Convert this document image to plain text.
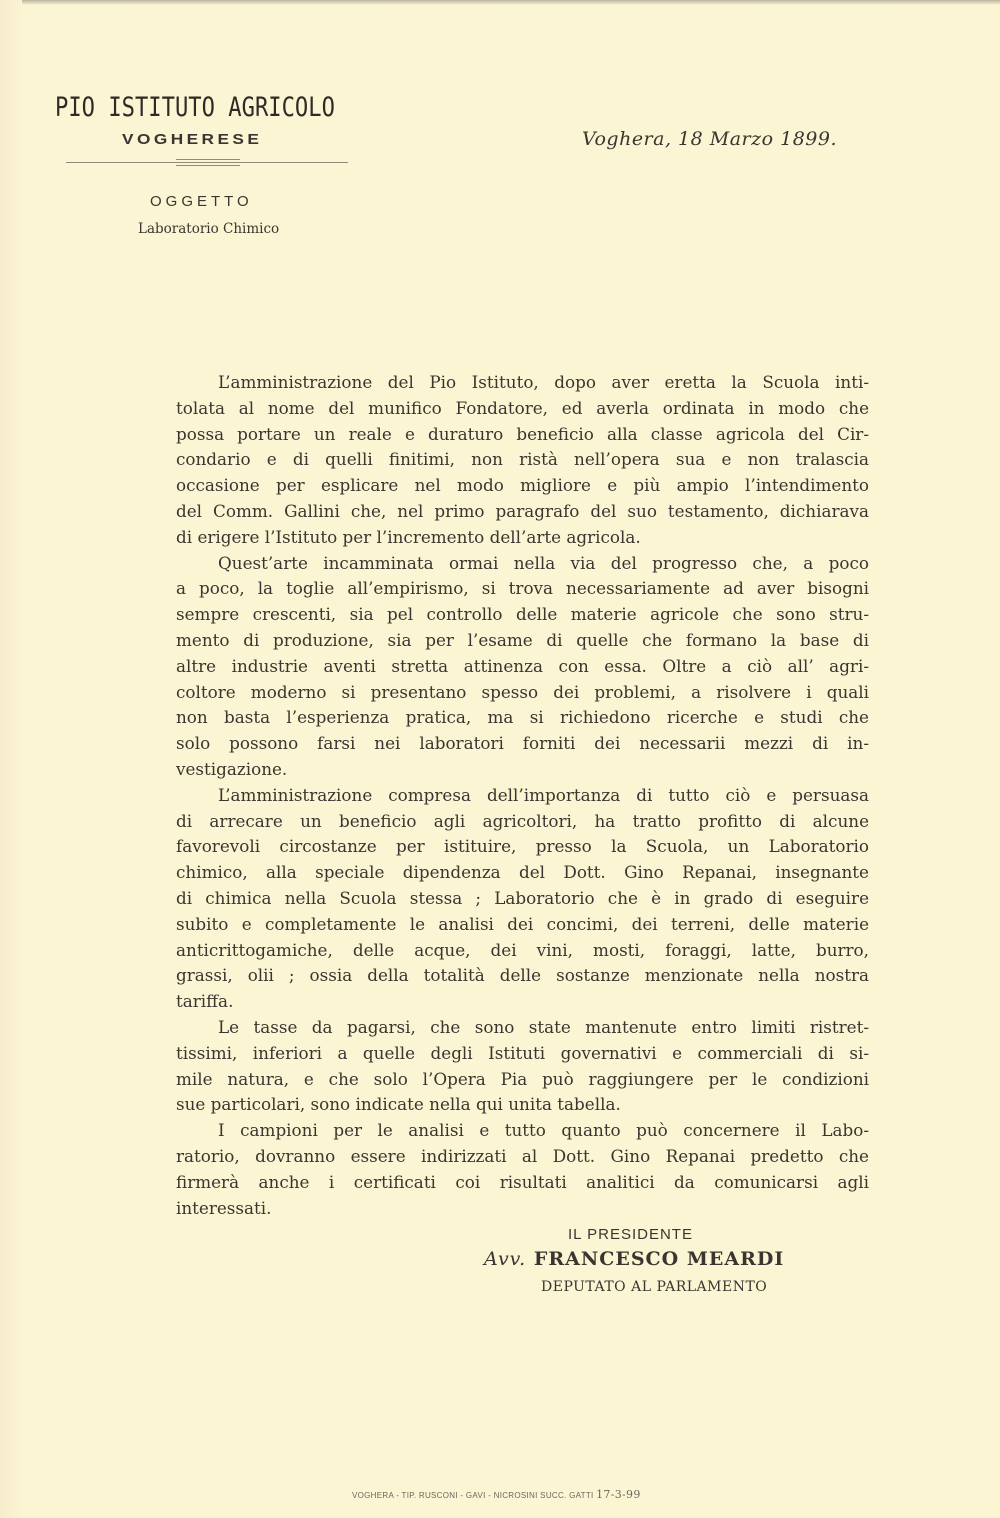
PIO ISTITUTO AGRICOLO
VOGHERESE	Voghera, 18 Marzo 1899.
OGGETTO
Laboratorio Chimico
L’amministrazione del Pio Istituto, dopo aver eretta la Scuola inti-
tolata al nome del munifico Fondatore, ed averla ordinata in modo che
possa portare un reale e duraturo beneficio alla classe agricola del Cir-
condario e di quelli finitimi, non ristà nell’opera sua e non tralascia
occasione per esplicare nel modo migliore e più ampio l’intendimento
del Comm. Gallini che, nel primo paragrafo del suo testamento, dichiarava
di erigere l’Istituto per l’incremento dell’arte agricola.
Quest’arte incamminata ormai nella via del progresso che, a poco
a poco, la toglie all’empirismo, si trova necessariamente ad aver bisogni
sempre crescenti, sia pel controllo delle materie agricole che sono stru-
mento di produzione, sia per l’esame di quelle che formano la base di
altre industrie aventi stretta attinenza con essa. Oltre a ciò all’ agri-
coltore moderno si presentano spesso dei problemi, a risolvere i quali
non basta l’esperienza pratica, ma si richiedono ricerche e studi che
solo possono farsi nei laboratori forniti dei necessarii mezzi di in-
vestigazione.
L’amministrazione compresa dell’importanza di tutto ciò e persuasa
di arrecare un beneficio agli agricoltori, ha tratto profitto di alcune
favorevoli circostanze per istituire, presso la Scuola, un Laboratorio
chimico, alla speciale dipendenza del Dott. Gino Repanai, insegnante
di chimica nella Scuola stessa ; Laboratorio che è in grado di eseguire
subito e completamente le analisi dei concimi, dei terreni, delle materie
anticrittogamiche, delle acque, dei vini, mosti, foraggi, latte, burro,
grassi, olii ; ossia della totalità delle sostanze menzionate nella nostra
tariffa.
Le tasse da pagarsi, che sono state mantenute entro limiti ristret-
tissimi, inferiori a quelle degli Istituti governativi e commerciali di si-
mile natura, e che solo l’Opera Pia può raggiungere per le condizioni
sue particolari, sono indicate nella qui unita tabella.
I campioni per le analisi e tutto quanto può concernere il Labo-
ratorio, dovranno essere indirizzati al Dott. Gino Repanai predetto che
firmerà anche i certificati coi risultati analitici da comunicarsi agli
interessati.
IL PRESIDENTE
Avv. FRANCESCO MEARDI
DEPUTATO AL PARLAMENTO
VOGHERA - TIP. RUSCONI - GAVI - NICROSINI SUCC. GATTI 17-3-99
